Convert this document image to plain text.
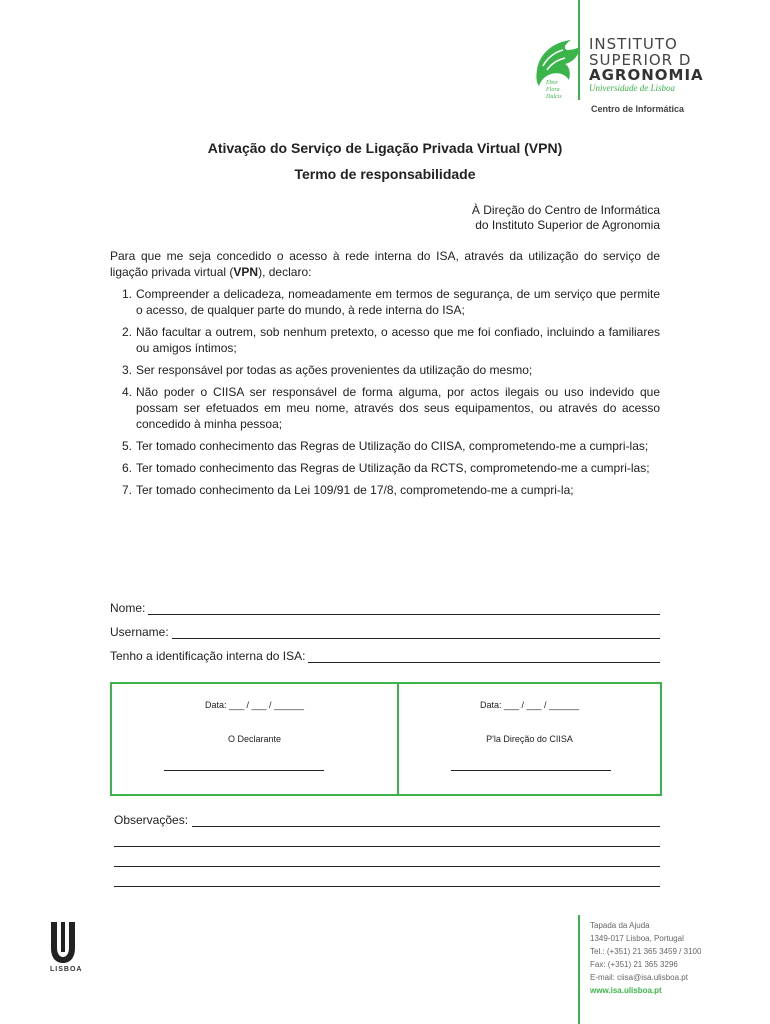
Ebor
Flora
Dulcis
INSTITUTO
SUPERIOR D
AGRONOMIA
Universidade de Lisboa
Centro de Informática
Ativação do Serviço de Ligação Privada Virtual (VPN)
Termo de responsabilidade
À Direção do Centro de Informática
do Instituto Superior de Agronomia
Para que me seja concedido o acesso à rede interna do ISA, através da utilização do serviço de ligação privada virtual (VPN), declaro:
1. Compreender a delicadeza, nomeadamente em termos de segurança, de um serviço que permite o acesso, de qualquer parte do mundo, à rede interna do ISA;
2. Não facultar a outrem, sob nenhum pretexto, o acesso que me foi confiado, incluindo a familiares ou amigos íntimos;
3. Ser responsável por todas as ações provenientes da utilização do mesmo;
4. Não poder o CIISA ser responsável de forma alguma, por actos ilegais ou uso indevido que possam ser efetuados em meu nome, através dos seus equipamentos, ou através do acesso concedido à minha pessoa;
5. Ter tomado conhecimento das Regras de Utilização do CIISA, comprometendo-me a cumpri-las;
6. Ter tomado conhecimento das Regras de Utilização da RCTS, comprometendo-me a cumpri-las;
7. Ter tomado conhecimento da Lei 109/91 de 17/8, comprometendo-me a cumpri-la;
Nome:
Username:
Tenho a identificação interna do ISA:
Data: ___ / ___ / ______
O Declarante
Data: ___ / ___ / ______
P'la Direção do CIISA
Observações:
LISBOA
Tapada da Ajuda
1349-017 Lisboa, Portugal
Tel.: (+351) 21 365 3459 / 3100
Fax: (+351) 21 365 3296
E-mail: ciisa@isa.ulisboa.pt
www.isa.ulisboa.pt
